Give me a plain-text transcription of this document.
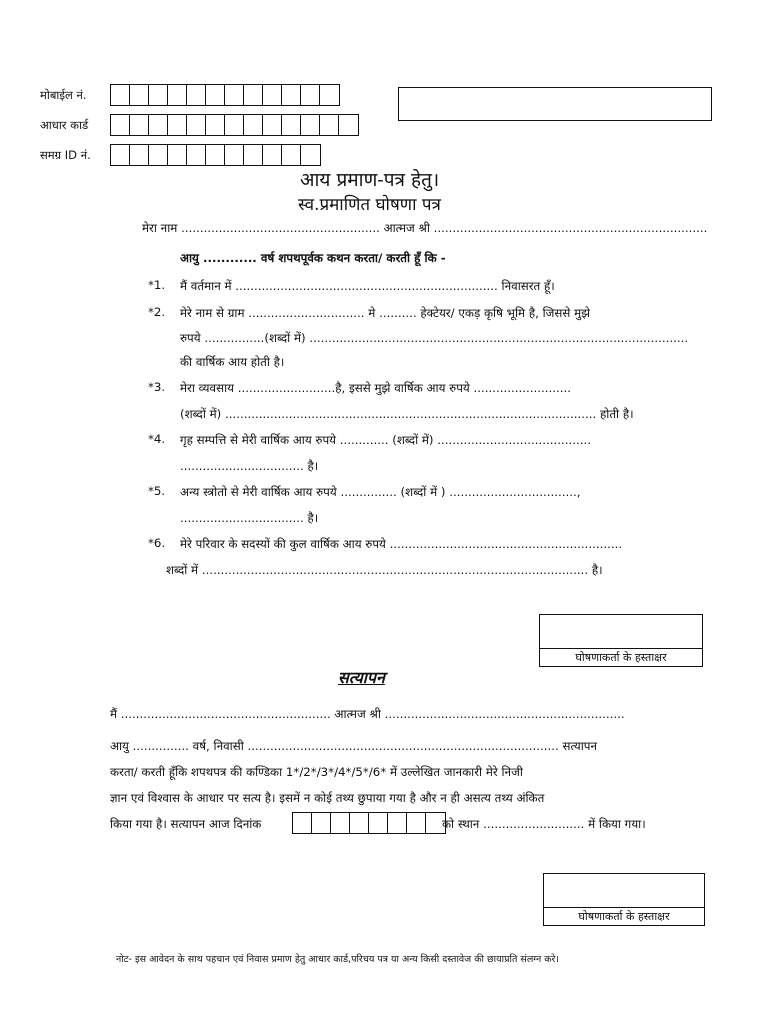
मोबाईल नं.
आधार कार्ड
समग्र ID नं.
आय प्रमाण-पत्र हेतु।
स्व.प्रमाणित घोषणा पत्र
मेरा नाम ..................................................... आत्मज श्री .........................................................................
आयु ............ वर्ष शपथपूर्वक कथन करता/ करती हूँ कि -
*1. मैं वर्तमान में ...................................................................... निवासरत हूँ।
*2. मेरे नाम से ग्राम ............................... मे .......... हेक्टेयर/ एकड़ कृषि भूमि है, जिससे मुझे
रुपये ................(शब्दों में) .....................................................................................................
की वार्षिक आय होती है।
*3. मेरा व्यवसाय ..........................है, इससे मुझे वार्षिक आय रुपये ..........................
(शब्दों में) ................................................................................................... होती है।
*4. गृह सम्पत्ति से मेरी वार्षिक आय रुपये ............. (शब्दों में) .........................................
................................. है।
*5. अन्य स्त्रोतो से मेरी वार्षिक आय रुपये ............... (शब्दों में ) ..................................,
................................. है।
*6. मेरे परिवार के सदस्यों की कुल वार्षिक आय रुपये ..............................................................
शब्दों में ....................................................................................................... है।
घोषणाकर्ता के हस्ताक्षर
सत्यापन
मैं ........................................................ आत्मज श्री ................................................................
आयु ............... वर्ष, निवासी ................................................................................... सत्यापन
करता/ करती हूँकि शपथपत्र की कण्डिका 1*/2*/3*/4*/5*/6* में उल्लेखित जानकारी मेरे निजी
ज्ञान एवं विश्वास के आधार पर सत्य है। इसमें न कोई तथ्य छुपाया गया है और न ही असत्य तथ्य अंकित
किया गया है। सत्यापन आज दिनांक	को स्थान ........................... में किया गया।
घोषणाकर्ता के हस्ताक्षर
नोट- इस आवेदन के साथ पहचान एवं निवास प्रमाण हेतु आधार कार्ड,परिचय पत्र या अन्य किसी दस्तावेज की छायाप्रति संलग्न करे।
